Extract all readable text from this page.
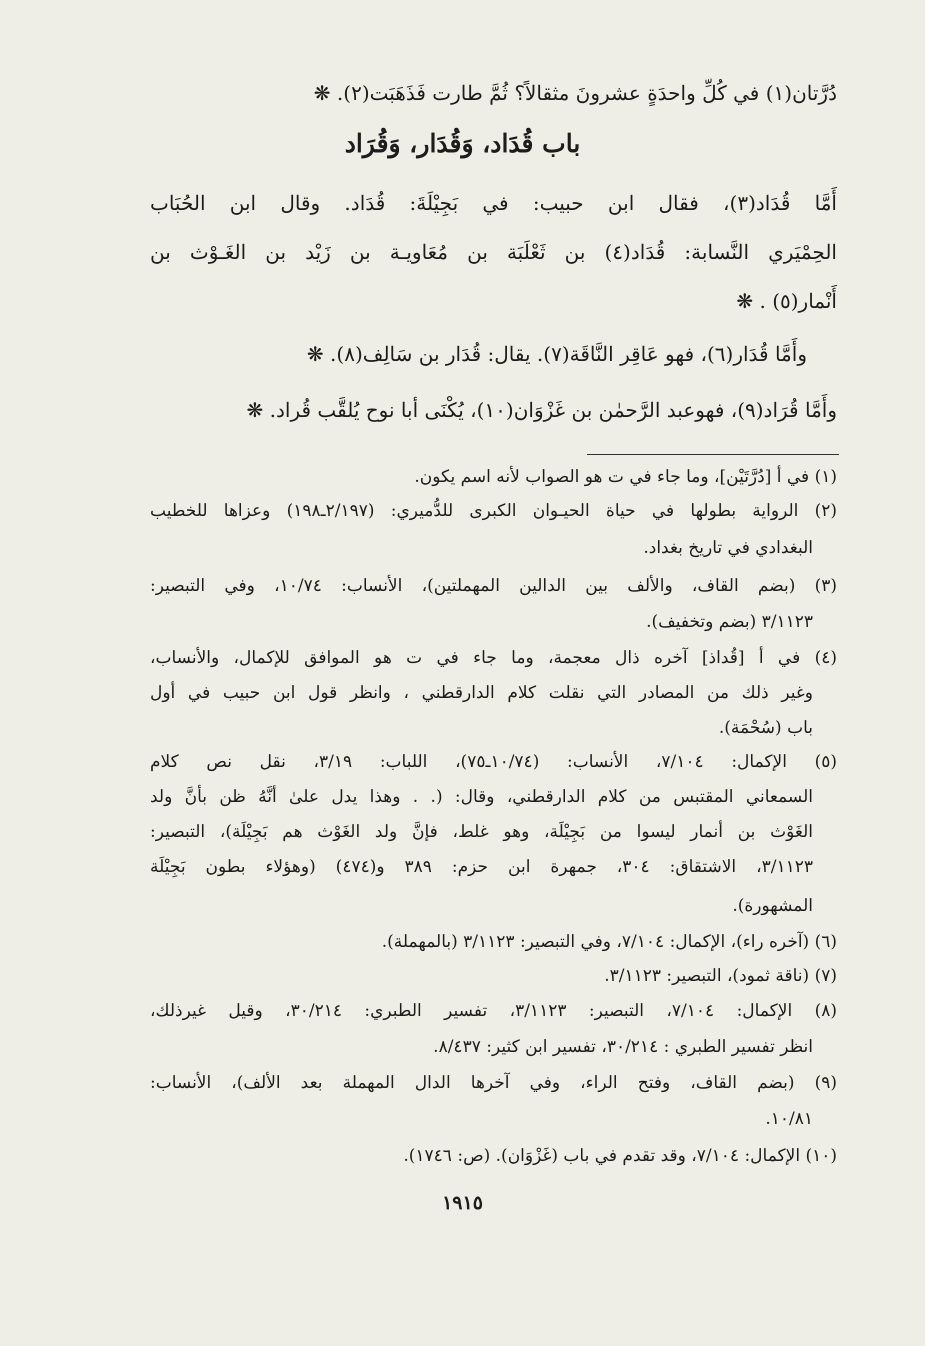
دُرَّتان(١) في كُلِّ واحدَةٍ عشرونَ مثقالاً؟ ثُمَّ طارت فَذَهَبَت(٢). ❋
باب قُدَاد، وَقُدَار، وَقُرَاد
أَمَّا قُدَاد(٣)، فقال ابن حبيب: في بَجِيْلَةَ: قُدَاد. وقال ابن الحُبَاب
الحِمْيَري النَّسابة: قُدَاد(٤) بن ثَعْلَبَة بن مُعَاويـة بن زَيْد بن الغَـوْث بن
أَنْمار(٥) . ❋
وأَمَّا قُدَار(٦)، فهو عَاقِر النَّاقَة(٧). يقال: قُدَار بن سَالِف(٨). ❋
وأَمَّا قُرَاد(٩)، فهوعبد الرَّحمٰن بن غَزْوَان(١٠)، يُكْنَى أبا نوح يُلقَّب قُراد. ❋
(١) في أ [دُرَّتَيْن]، وما جاء في ت هو الصواب لأنه اسم يكون.
(٢) الرواية بطولها في حياة الحيـوان الكبرى للدُّميري: (٢/١٩٧ـ١٩٨) وعزاها للخطيب
البغدادي في تاريخ بغداد.
(٣) (بضم القاف، والألف بين الدالين المهملتين)، الأنساب: ١٠/٧٤، وفي التبصير:
٣/١١٢٣ (بضم وتخفيف).
(٤) في أ [قُداذ] آخره ذال معجمة، وما جاء في ت هو الموافق للإكمال، والأنساب،
وغير ذلك من المصادر التي نقلت كلام الدارقطني ، وانظر قول ابن حبيب في أول
باب (سُحْمَة).
(٥) الإكمال: ٧/١٠٤، الأنساب: (١٠/٧٤ـ٧٥)، اللباب: ٣/١٩، نقل نص كلام
السمعاني المقتبس من كلام الدارقطني، وقال: (. . وهذا يدل علىٰ أنَّهُ ظن بأنَّ ولد
الغَوْث بن أنمار ليسوا من بَجِيْلَة، وهو غلط، فإنَّ ولد الغَوْث هم بَجِيْلَة)، التبصير:
٣/١١٢٣، الاشتقاق: ٣٠٤، جمهرة ابن حزم: ٣٨٩ و(٤٧٤) (وهؤلاء بطون بَجِيْلَة
المشهورة).
(٦) (آخره راء)، الإكمال: ٧/١٠٤، وفي التبصير: ٣/١١٢٣ (بالمهملة).
(٧) (ناقة ثمود)، التبصير: ٣/١١٢٣.
(٨) الإكمال: ٧/١٠٤، التبصير: ٣/١١٢٣، تفسير الطبري: ٣٠/٢١٤، وقيل غيرذلك،
انظر تفسير الطبري : ٣٠/٢١٤، تفسير ابن كثير: ٨/٤٣٧.
(٩) (بضم القاف، وفتح الراء، وفي آخرها الدال المهملة بعد الألف)، الأنساب:
١٠/٨١.
(١٠) الإكمال: ٧/١٠٤، وقد تقدم في باب (غَزْوَان). (ص: ١٧٤٦).
١٩١٥
